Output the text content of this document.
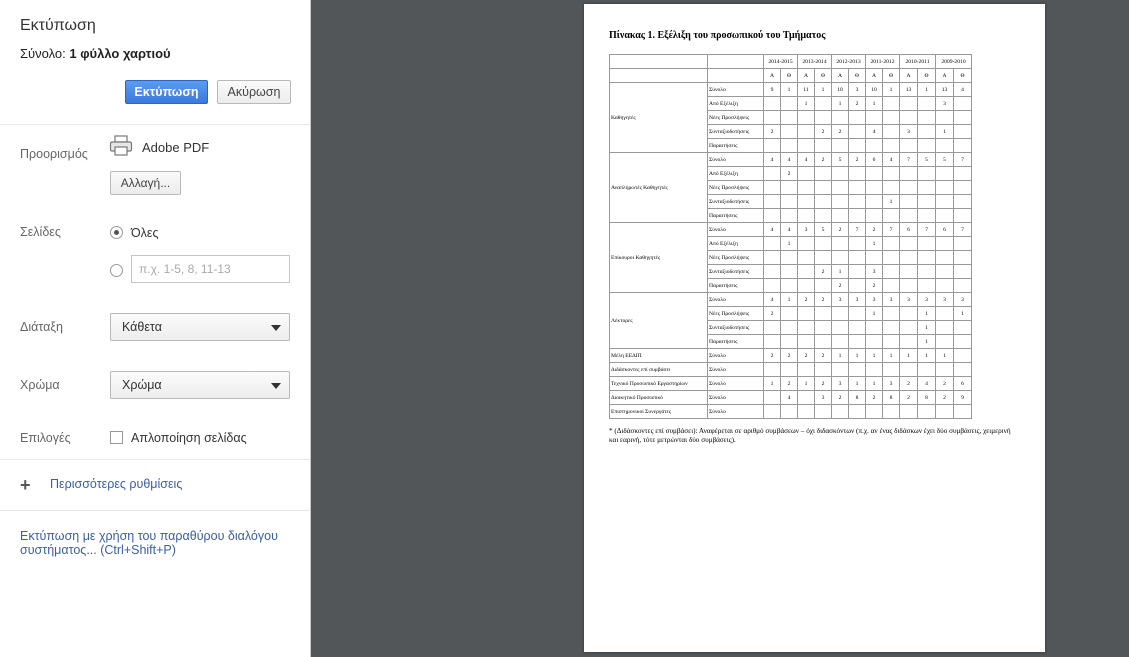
Εκτύπωση
Σύνολο: 1 φύλλο χαρτιού
Εκτύπωση	Ακύρωση
Προορισμός	Adobe PDF
Αλλαγή...
Σελίδες	Όλες
π.χ. 1-5, 8, 11-13
Διάταξη	Κάθετα
Χρώμα	Χρώμα
Επιλογές	Απλοποίηση σελίδας
+ Περισσότερες ρυθμίσεις
Εκτύπωση με χρήση του παραθύρου διαλόγου
συστήματος... (Ctrl+Shift+P)
Πίνακας 1. Εξέλιξη του προσωπικού του Τμήματος
		2014-2015		2013-2014		2012-2013		2011-2012		2010-2011		2009-2010	
		Α	Θ	Α	Θ	Α	Θ	Α	Θ	Α	Θ	Α	Θ
Καθηγητές	Σύνολο	9	1	11	1	10	3	10	1	13	1	13	4
	Από Εξέλιξη			1		1	2	1				3	
	Νέες Προσλήψεις												
	Συνταξιοδοτήσεις	2			2	2		4		3		1	
	Παραιτήσεις												
Αναπληρωτές Καθηγητές	Σύνολο	4	4	4	2	5	2	6	4	7	5	5	7
	Από Εξέλιξη		2										
	Νέες Προσλήψεις												
	Συνταξιοδοτήσεις								1				
	Παραιτήσεις												
Επίκουροι Καθηγητές	Σύνολο	4	4	3	5	2	7	2	7	6	7	6	7
	Από Εξέλιξη		1					1					
	Νέες Προσλήψεις												
	Συνταξιοδοτήσεις				2	1		3					
	Παραιτήσεις					2		2					
Λέκτορες	Σύνολο	4	1	2	2	3	3	3	3	3	3	3	3
	Νέες Προσλήψεις	2						1			1		1
	Συνταξιοδοτήσεις										1		
	Παραιτήσεις										1		
Μέλη ΕΕΔΙΠ	Σύνολο	2	2	2	2	1	1	1	1	1	1	1	
Διδάσκοντες επί συμβάσει	Σύνολο												
Τεχνικό Προσωπικό Εργαστηρίων	Σύνολο	1	2	1	2	3	1	1	3	2	4	2	6
Διοικητικό Προσωπικό	Σύνολο		4		3	2	8	2	8	2	8	2	9
Επιστημονικοί Συνεργάτες	Σύνολο												
* (Διδάσκοντες επί συμβάσει): Αναφέρεται σε αριθμό συμβάσεων – όχι διδασκόντων (π.χ. αν ένας διδάσκων έχει δύο συμβάσεις, χειμερινή και εαρινή, τότε μετρώνται δύο συμβάσεις).
